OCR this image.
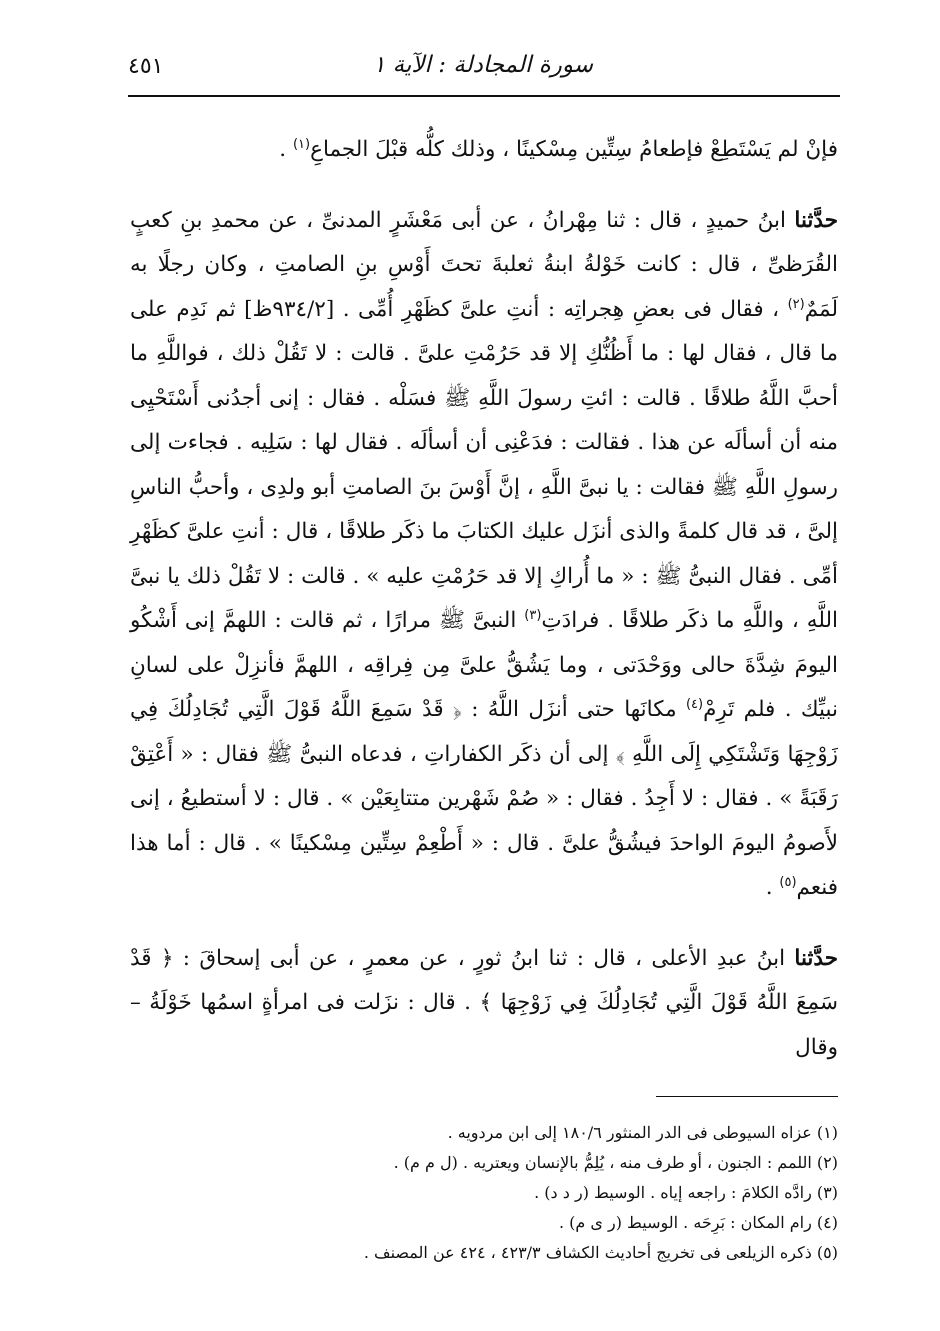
٤٥١	سورة المجادلة : الآية ١

فإنْ لم يَسْتَطِعْ فإطعامُ سِتِّين مِسْكينًا ، وذلك كلُّه قبْلَ الجماعِ$^{(١)}$ .

حدَّثنا ابنُ حميدٍ ، قال : ثنا مِهْرانُ ، عن أبى مَعْشَرٍ المدنىِّ ، عن محمدِ بنِ كعبٍ القُرَظىِّ ، قال : كانت خَوْلةُ ابنةُ ثعلبةَ تحتَ أَوْسِ بنِ الصامتِ ، وكان رجلًا به لَمَمٌ$^{(٢)}$ ، فقال فى بعضِ هِجراتِه : أنتِ علىَّ كظَهْرِ أُمِّى . [٩٣٤/٢ظ] ثم نَدِم على ما قال ، فقال لها : ما أَظُنُّكِ إلا قد حَرُمْتِ علىَّ . قالت : لا تَقُلْ ذلك ، فواللَّهِ ما أحبَّ اللَّهُ طلاقًا . قالت : ائتِ رسولَ اللَّهِ ﷺ فسَلْه . فقال : إنى أجدُنى أَسْتَحْيِى منه أن أسألَه عن هذا . فقالت : فدَعْنِى أن أسألَه . فقال لها : سَلِيه . فجاءت إلى رسولِ اللَّهِ ﷺ فقالت : يا نبىَّ اللَّهِ ، إنَّ أَوْسَ بنَ الصامتِ أبو ولدِى ، وأحبُّ الناسِ إلىَّ ، قد قال كلمةً والذى أنزَل عليك الكتابَ ما ذكَر طلاقًا ، قال : أنتِ علىَّ كظَهْرِ أمِّى . فقال النبىُّ ﷺ : « ما أُراكِ إلا قد حَرُمْتِ عليه » . قالت : لا تَقُلْ ذلك يا نبىَّ اللَّهِ ، واللَّهِ ما ذكَر طلاقًا . فرادَتِ$^{(٣)}$ النبىَّ ﷺ مرارًا ، ثم قالت : اللهمَّ إنى أَشْكُو اليومَ شِدَّةَ حالى ووَحْدَتى ، وما يَشُقُّ علىَّ مِن فِراقِه ، اللهمَّ فأنزِلْ على لسانِ نبيِّك . فلم تَرِمْ$^{(٤)}$ مكانَها حتى أنزَل اللَّهُ : ﴿ قَدْ سَمِعَ اللَّهُ قَوْلَ الَّتِي تُجَادِلُكَ فِي زَوْجِهَا وَتَشْتَكِي إِلَى اللَّهِ ﴾ إلى أن ذكَر الكفاراتِ ، فدعاه النبىُّ ﷺ فقال : « أَعْتِقْ رَقَبَةً » . فقال : لا أَجِدُ . فقال : « صُمْ شَهْرين متتابِعَيْن » . قال : لا أستطيعُ ، إنى لأَصومُ اليومَ الواحدَ فيشُقُّ علىَّ . قال : « أَطْعِمْ سِتِّين مِسْكينًا » . قال : أما هذا فنعم$^{(٥)}$ .

حدَّثنا ابنُ عبدِ الأعلى ، قال : ثنا ابنُ ثورٍ ، عن معمرٍ ، عن أبى إسحاقَ : ﴿ قَدْ سَمِعَ اللَّهُ قَوْلَ الَّتِي تُجَادِلُكَ فِي زَوْجِهَا ﴾ . قال : نزَلت فى امرأةٍ اسمُها خَوْلَةُ – وقال

(١) عزاه السيوطى فى الدر المنثور ١٨٠/٦ إلى ابن مردويه .
(٢) اللمم : الجنون ، أو طرف منه ، يُلِمُّ بالإنسان ويعتريه . (ل م م) .
(٣) رادَّه الكلامَ : راجعه إياه . الوسيط (ر د د) .
(٤) رام المكان : بَرِحَه . الوسيط (ر ى م) .
(٥) ذكره الزيلعى فى تخريج أحاديث الكشاف ٤٢٣/٣ ، ٤٢٤ عن المصنف .
